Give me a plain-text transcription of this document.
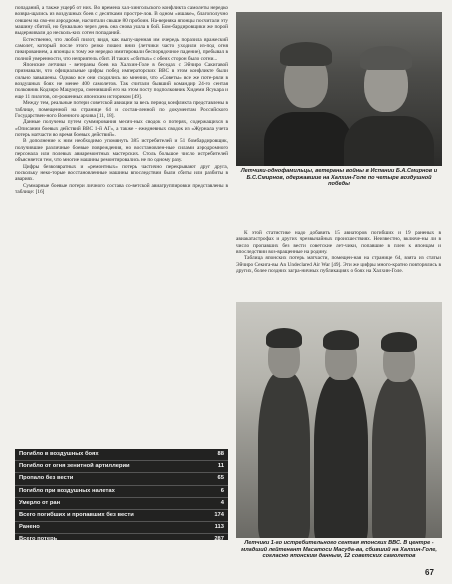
попаданий, а также ущерб от них. Во времена хал-хингольского конфликта самолеты нередко возвра-щались из воздушных боев с десятками простре-лов. В одном «ишаке», благополучно севшем на сво-ем аэродроме, насчитали свыше 80 пробоин. На-верняка японцы посчитали эту машину сбитой, но буквально через день она снова ушла в бой. Бом-бардировщики же порой выдерживали до несколь-ких сотен попаданий.

Естественно, что любой пилот, видя, как выпу-щенная им очередь поразила вражеский самолет, который после этого резко пошел вниз (летчики часто уходили из-под огня пикированием, а японцы к тому же нередко имитировали беспорядочное падение), пребывал в полной уверенности, что неприятель сбит. И таких «сбитых» с обеих сторон было сотни...

Японские летчики - ветераны боев на Халхин-Голе в беседах с Эйчиро Сакигавой признавали, что официальные цифры побед императорских ВВС в этом конфликте были сильно завышены. Однако все они сходились во мнении, что «Советы» все же поте-ряли в воздушных боях не менее 400 самолетов. Так считали бывший командир 24-го сентая полковник Кодзиро Мацумура, сменивший его на этом посту подполковник Хидеми Ясукара и еще 11 пилотов, оп-рошенных японским историком [49].

Между тем, реальные потери советской авиации за весь период конфликта представлены в таблице, помещенной на странице 64 и состав-ленной по документам Российского Государствен-ного Военного архива [11, 18].

Данные получены путем суммирования месяч-ных сводок о потерях, содержащихся в «Описании боевых действий ВВС 1-й АГ», а также - ежедневных сводок из «Журнала учета потерь матчасти во время боевых действий».

В дополнение к ним необходимо упомянуть 385 истребителей и 51 бомбардировщик, получившие различные боевые повреждения, но восстановлен-ные силами аэродромного персонала или полевых авиаремонтных мастерских. Столь большое число истребителей объясняется тем, что многие машины ремонтировались не по одному разу.

Цифры безвозвратных и «ремонтных» потерь частично перекрывают друг друга, поскольку неко-торые восстановленные машины впоследствии были сбиты или разбиты в авариях.

Суммарные боевые потери личного состава со-ветской авиагруппировки представлены в таблице: [16]

Летчики-однофамильцы, ветераны войны в Испании Б.А.Смирнов и Б.С.Смирнов, одержавшие на Халхин-Голе по четыре воздушной победы

К этой статистике надо добавить 15 авиаторов погибших и 19 раненых в авиакатастрофах и других чрезвычайных происшествиях. Неизвестно, включе-ны ли в число пропавших без вести советские лет-чики, попавшие в плен к японцам и впоследствии воз-вращенные на родину.

Таблица японских потерь матчасти, помещен-ная на странице 64, взята из статьи Эйчиро Секига-вы An Undeclared Air War [49]. Эти же цифры много-кратно повторялись в других, более поздних загра-ничных публикациях о боях на Халхин-Голе.

Летчики 1-го истребительного сентая японских ВВС. В центре - младший лейтенант Масатоси Масуда-ва, сбивший на Халхин-Голе, согласно японским данным, 12 советских самолетов
Погибло в воздушных боях	88
Погибло от огня зенитной артиллерии	11
Пропало без вести	65
Погибло при воздушных налетах	6
Умерло от ран	4
Всего погибших и пропавших без вести	174
Ранено	113
Всего потерь	287
67
